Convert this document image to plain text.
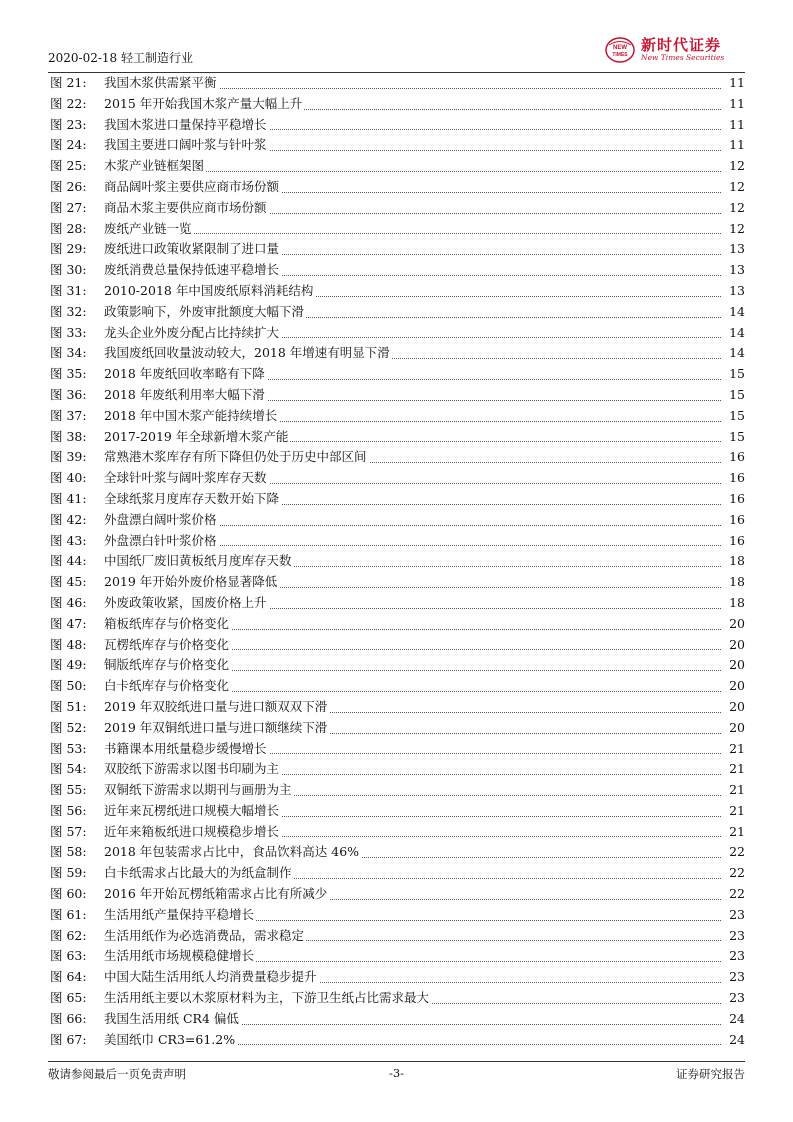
2020-02-18 轻工制造行业
NEW
TIMES
新时代证券
New Times Securities
图 21: 我国木浆供需紧平衡	11
图 22: 2015 年开始我国木浆产量大幅上升	11
图 23: 我国木浆进口量保持平稳增长	11
图 24: 我国主要进口阔叶浆与针叶浆	11
图 25: 木浆产业链框架图	12
图 26: 商品阔叶浆主要供应商市场份额	12
图 27: 商品木浆主要供应商市场份额	12
图 28: 废纸产业链一览	12
图 29: 废纸进口政策收紧限制了进口量	13
图 30: 废纸消费总量保持低速平稳增长	13
图 31: 2010-2018 年中国废纸原料消耗结构	13
图 32: 政策影响下，外废审批额度大幅下滑	14
图 33: 龙头企业外废分配占比持续扩大	14
图 34: 我国废纸回收量波动较大，2018 年增速有明显下滑	14
图 35: 2018 年废纸回收率略有下降	15
图 36: 2018 年废纸利用率大幅下滑	15
图 37: 2018 年中国木浆产能持续增长	15
图 38: 2017-2019 年全球新增木浆产能	15
图 39: 常熟港木浆库存有所下降但仍处于历史中部区间	16
图 40: 全球针叶浆与阔叶浆库存天数	16
图 41: 全球纸浆月度库存天数开始下降	16
图 42: 外盘漂白阔叶浆价格	16
图 43: 外盘漂白针叶浆价格	16
图 44: 中国纸厂废旧黄板纸月度库存天数	18
图 45: 2019 年开始外废价格显著降低	18
图 46: 外废政策收紧，国废价格上升	18
图 47: 箱板纸库存与价格变化	20
图 48: 瓦楞纸库存与价格变化	20
图 49: 铜版纸库存与价格变化	20
图 50: 白卡纸库存与价格变化	20
图 51: 2019 年双胶纸进口量与进口额双双下滑	20
图 52: 2019 年双铜纸进口量与进口额继续下滑	20
图 53: 书籍课本用纸量稳步缓慢增长	21
图 54: 双胶纸下游需求以图书印刷为主	21
图 55: 双铜纸下游需求以期刊与画册为主	21
图 56: 近年来瓦楞纸进口规模大幅增长	21
图 57: 近年来箱板纸进口规模稳步增长	21
图 58: 2018 年包装需求占比中，食品饮料高达 46%	22
图 59: 白卡纸需求占比最大的为纸盒制作	22
图 60: 2016 年开始瓦楞纸箱需求占比有所减少	22
图 61: 生活用纸产量保持平稳增长	23
图 62: 生活用纸作为必选消费品，需求稳定	23
图 63: 生活用纸市场规模稳健增长	23
图 64: 中国大陆生活用纸人均消费量稳步提升	23
图 65: 生活用纸主要以木浆原材料为主，下游卫生纸占比需求最大	23
图 66: 我国生活用纸 CR4 偏低	24
图 67: 美国纸巾 CR3=61.2%	24
敬请参阅最后一页免责声明	-3-	证券研究报告
